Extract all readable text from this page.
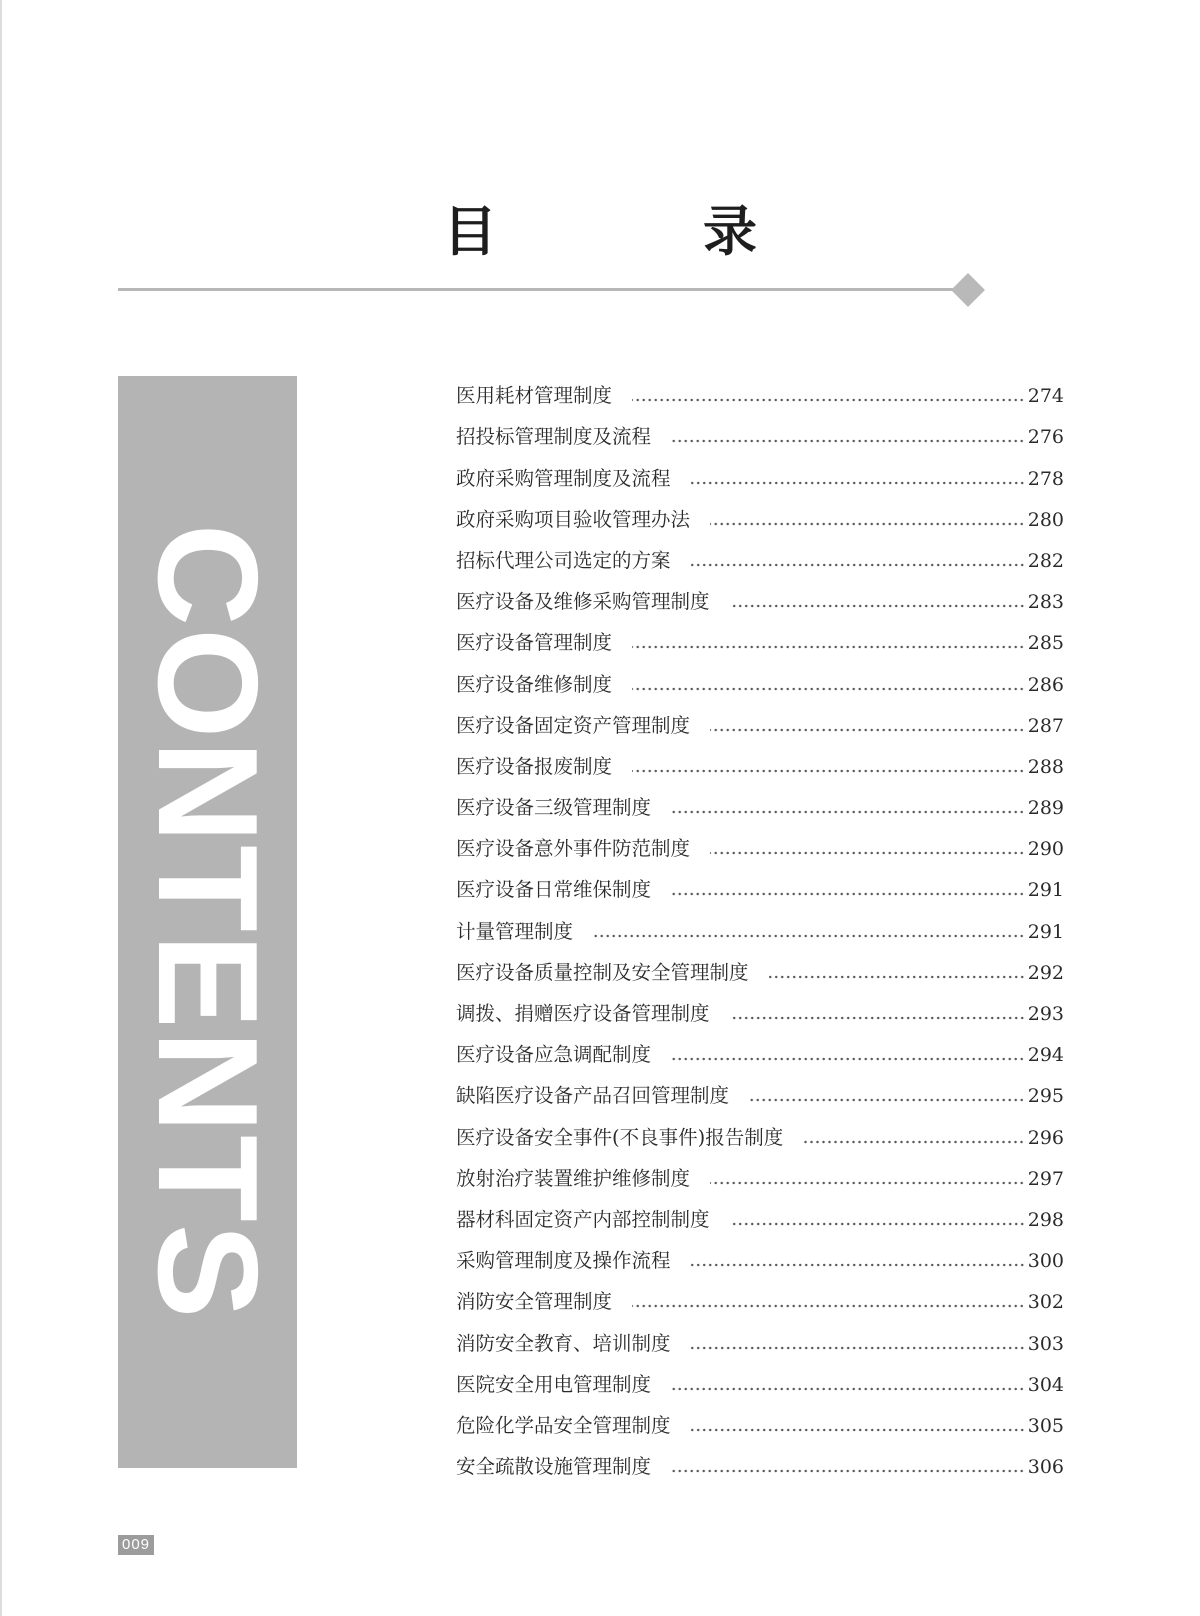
目　录
CONTENTS
医用耗材管理制度	274
招投标管理制度及流程	276
政府采购管理制度及流程	278
政府采购项目验收管理办法	280
招标代理公司选定的方案	282
医疗设备及维修采购管理制度	283
医疗设备管理制度	285
医疗设备维修制度	286
医疗设备固定资产管理制度	287
医疗设备报废制度	288
医疗设备三级管理制度	289
医疗设备意外事件防范制度	290
医疗设备日常维保制度	291
计量管理制度	291
医疗设备质量控制及安全管理制度	292
调拨、捐赠医疗设备管理制度	293
医疗设备应急调配制度	294
缺陷医疗设备产品召回管理制度	295
医疗设备安全事件(不良事件)报告制度	296
放射治疗装置维护维修制度	297
器材科固定资产内部控制制度	298
采购管理制度及操作流程	300
消防安全管理制度	302
消防安全教育、培训制度	303
医院安全用电管理制度	304
危险化学品安全管理制度	305
安全疏散设施管理制度	306
009
